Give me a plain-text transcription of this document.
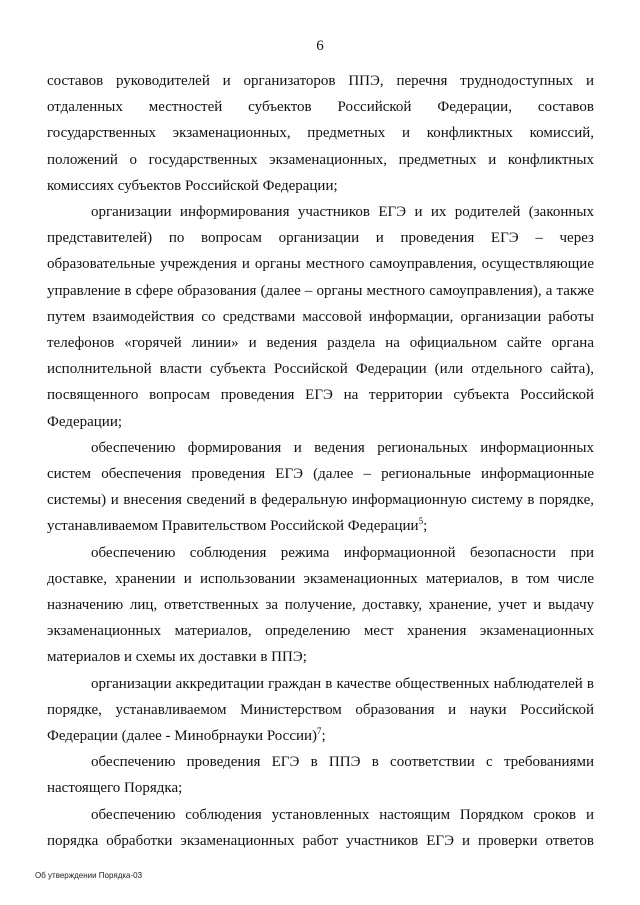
6

составов руководителей и организаторов ППЭ, перечня труднодоступных и отдаленных местностей субъектов Российской Федерации, составов государственных экзаменационных, предметных и конфликтных комиссий, положений о государственных экзаменационных, предметных и конфликтных комиссиях субъектов Российской Федерации;

организации информирования участников ЕГЭ и их родителей (законных представителей) по вопросам организации и проведения ЕГЭ – через образовательные учреждения и органы местного самоуправления, осуществляющие управление в сфере образования (далее – органы местного самоуправления), а также путем взаимодействия со средствами массовой информации, организации работы телефонов «горячей линии» и ведения раздела на официальном сайте органа исполнительной власти субъекта Российской Федерации (или отдельного сайта), посвященного вопросам проведения ЕГЭ на территории субъекта Российской Федерации;

обеспечению формирования и ведения региональных информационных систем обеспечения проведения ЕГЭ (далее – региональные информационные системы) и внесения сведений в федеральную информационную систему в порядке, устанавливаемом Правительством Российской Федерации$^5$;

обеспечению соблюдения режима информационной безопасности при доставке, хранении и использовании экзаменационных материалов, в том числе назначению лиц, ответственных за получение, доставку, хранение, учет и выдачу экзаменационных материалов, определению мест хранения экзаменационных материалов и схемы их доставки в ППЭ;

организации аккредитации граждан в качестве общественных наблюдателей в порядке, устанавливаемом Министерством образования и науки Российской Федерации (далее - Минобрнауки России)$^7$;

обеспечению проведения ЕГЭ в ППЭ в соответствии с требованиями настоящего Порядка;

обеспечению соблюдения установленных настоящим Порядком сроков и порядка обработки экзаменационных работ участников ЕГЭ и проверки ответов

Об утверждении Порядка-03
